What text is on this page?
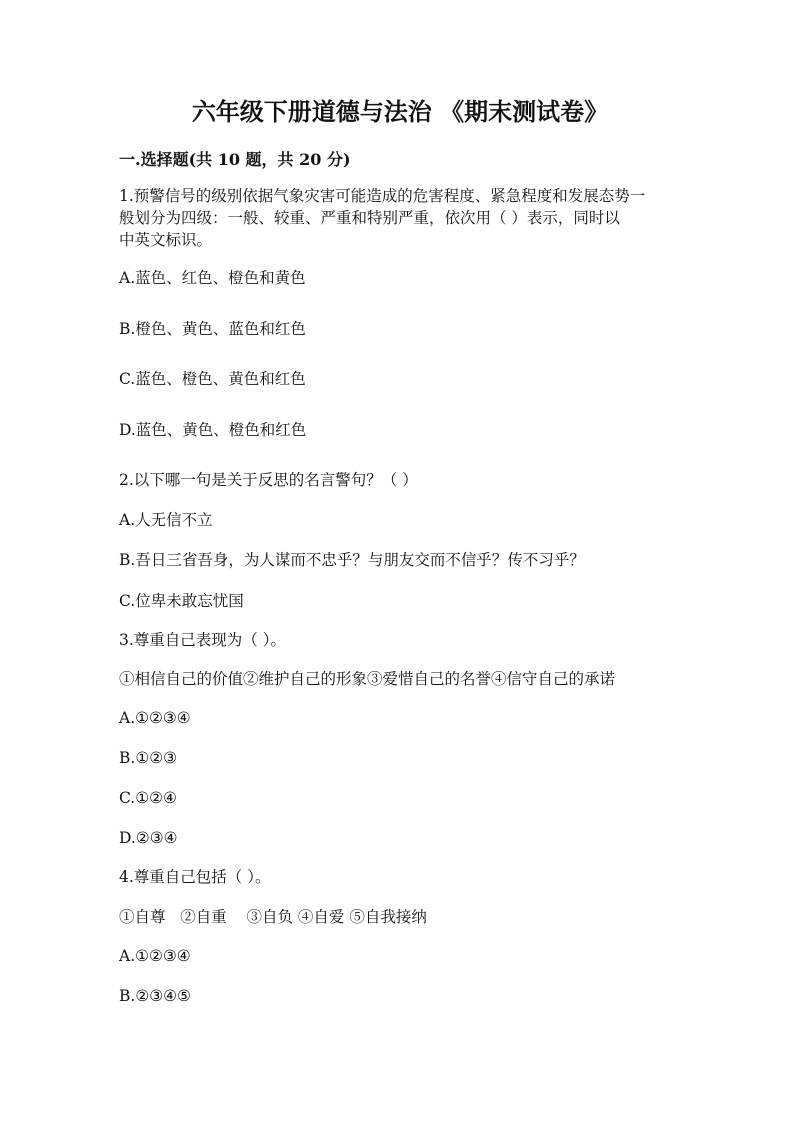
六年级下册道德与法治 《期末测试卷》
一.选择题(共 10 题，共 20 分)
1.预警信号的级别依据气象灾害可能造成的危害程度、紧急程度和发展态势一
般划分为四级：一般、较重、严重和特别严重，依次用（ ）表示，同时以
中英文标识。
A.蓝色、红色、橙色和黄色
B.橙色、黄色、蓝色和红色
C.蓝色、橙色、黄色和红色
D.蓝色、黄色、橙色和红色
2.以下哪一句是关于反思的名言警句？（ ）
A.人无信不立
B.吾日三省吾身，为人谋而不忠乎？与朋友交而不信乎？传不习乎？
C.位卑未敢忘忧国
3.尊重自己表现为（ ）。
①相信自己的价值②维护自己的形象③爱惜自己的名誉④信守自己的承诺
A.①②③④
B.①②③
C.①②④
D.②③④
4.尊重自己包括（ ）。
①自尊   ②自重    ③自负 ④自爱 ⑤自我接纳
A.①②③④
B.②③④⑤
